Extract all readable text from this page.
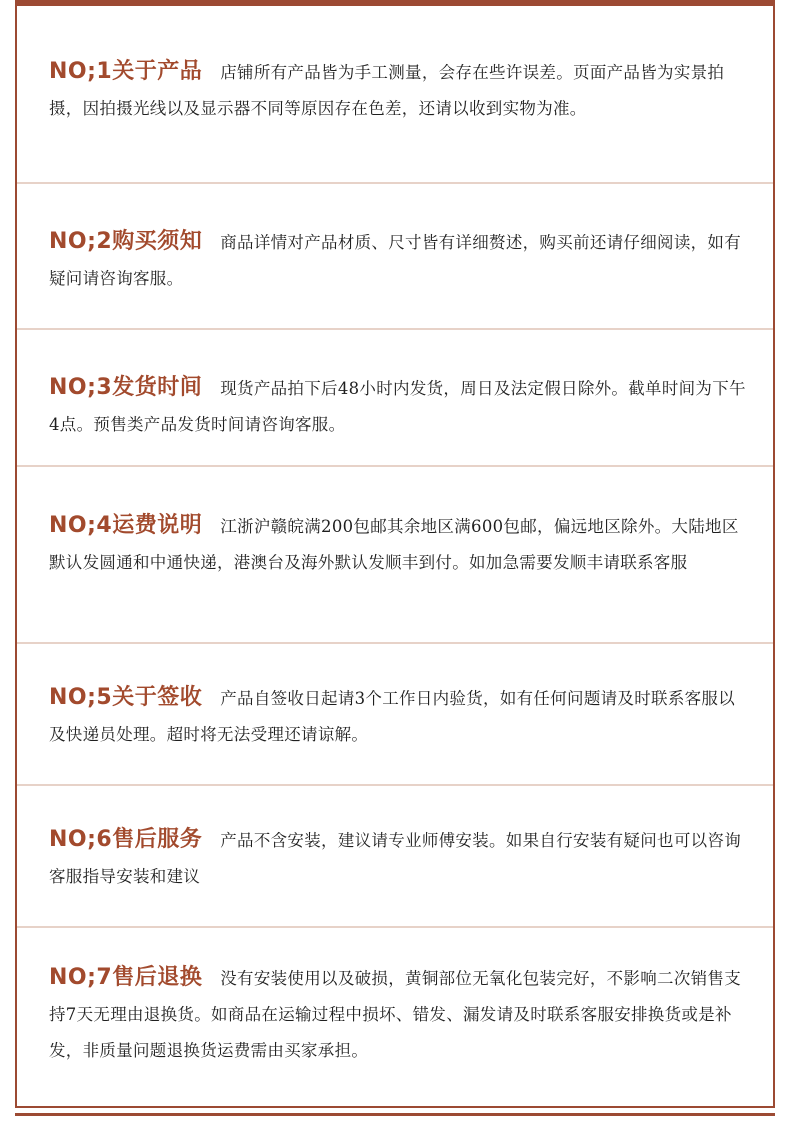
NO;1关于产品 店铺所有产品皆为手工测量，会存在些许误差。页面产品皆为实景拍摄，因拍摄光线以及显示器不同等原因存在色差，还请以收到实物为准。

NO;2购买须知 商品详情对产品材质、尺寸皆有详细赘述，购买前还请仔细阅读，如有疑问请咨询客服。

NO;3发货时间 现货产品拍下后48小时内发货，周日及法定假日除外。截单时间为下午4点。预售类产品发货时间请咨询客服。

NO;4运费说明 江浙沪赣皖满200包邮其余地区满600包邮，偏远地区除外。大陆地区默认发圆通和中通快递，港澳台及海外默认发顺丰到付。如加急需要发顺丰请联系客服

NO;5关于签收 产品自签收日起请3个工作日内验货，如有任何问题请及时联系客服以及快递员处理。超时将无法受理还请谅解。

NO;6售后服务 产品不含安装，建议请专业师傅安装。如果自行安装有疑问也可以咨询客服指导安装和建议

NO;7售后退换 没有安装使用以及破损，黄铜部位无氧化包装完好，不影响二次销售支持7天无理由退换货。如商品在运输过程中损坏、错发、漏发请及时联系客服安排换货或是补发，非质量问题退换货运费需由买家承担。
